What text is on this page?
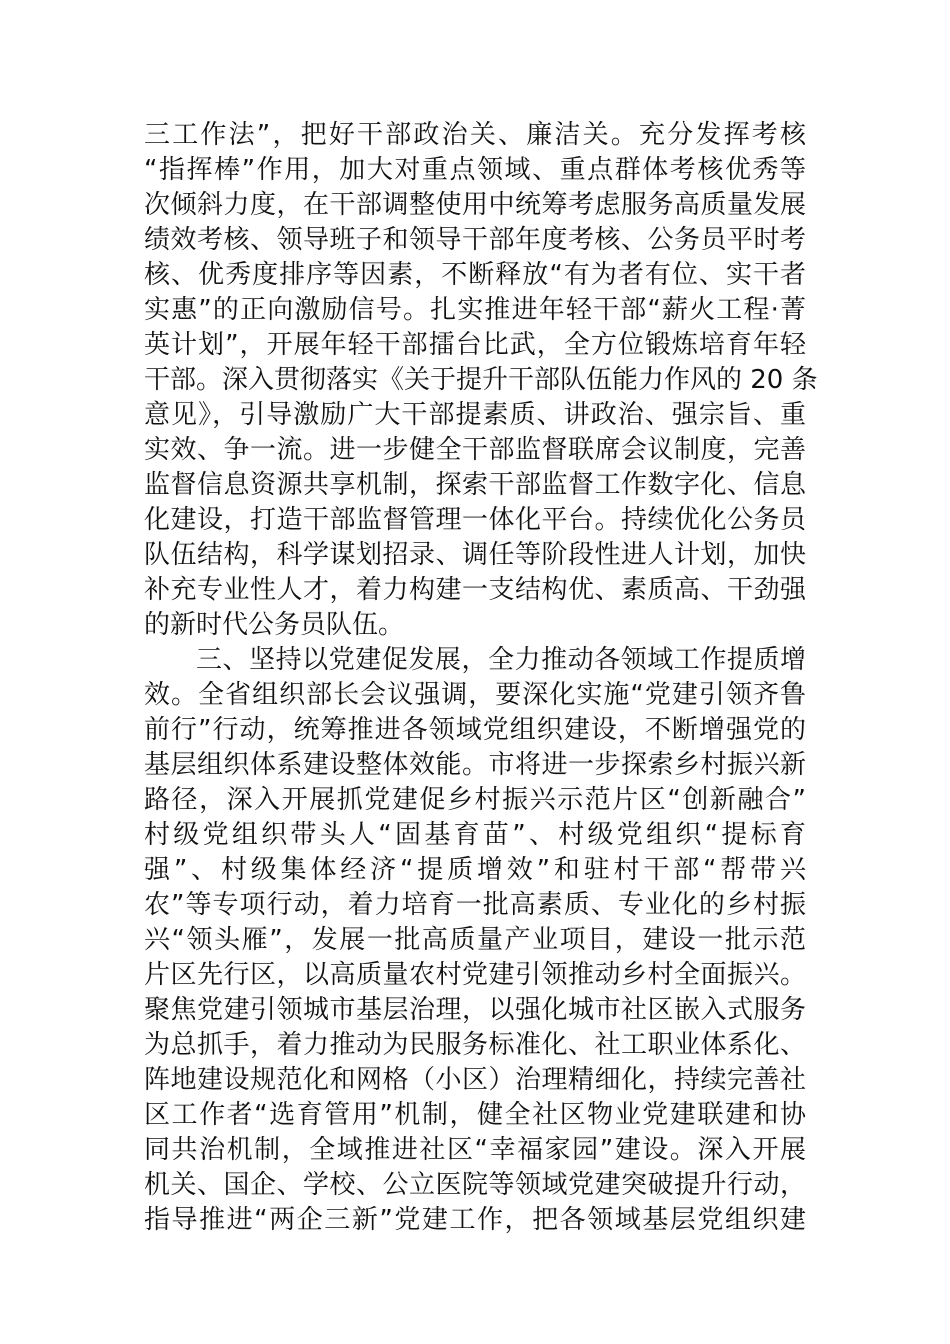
三工作法”，把好干部政治关、廉洁关。充分发挥考核
“指挥棒”作用，加大对重点领域、重点群体考核优秀等
次倾斜力度，在干部调整使用中统筹考虑服务高质量发展
绩效考核、领导班子和领导干部年度考核、公务员平时考
核、优秀度排序等因素，不断释放“有为者有位、实干者
实惠”的正向激励信号。扎实推进年轻干部“薪火工程·菁
英计划”，开展年轻干部擂台比武，全方位锻炼培育年轻
干部。深入贯彻落实《关于提升干部队伍能力作风的 20 条
意见》，引导激励广大干部提素质、讲政治、强宗旨、重
实效、争一流。进一步健全干部监督联席会议制度，完善
监督信息资源共享机制，探索干部监督工作数字化、信息
化建设，打造干部监督管理一体化平台。持续优化公务员
队伍结构，科学谋划招录、调任等阶段性进人计划，加快
补充专业性人才，着力构建一支结构优、素质高、干劲强
的新时代公务员队伍。
三、坚持以党建促发展，全力推动各领域工作提质增
效。全省组织部长会议强调，要深化实施“党建引领齐鲁
前行”行动，统筹推进各领域党组织建设，不断增强党的
基层组织体系建设整体效能。市将进一步探索乡村振兴新
路径，深入开展抓党建促乡村振兴示范片区“创新融合”
村级党组织带头人“固基育苗”、村级党组织“提标育
强”、村级集体经济“提质增效”和驻村干部“帮带兴
农”等专项行动，着力培育一批高素质、专业化的乡村振
兴“领头雁”，发展一批高质量产业项目，建设一批示范
片区先行区，以高质量农村党建引领推动乡村全面振兴。
聚焦党建引领城市基层治理，以强化城市社区嵌入式服务
为总抓手，着力推动为民服务标准化、社工职业体系化、
阵地建设规范化和网格（小区）治理精细化，持续完善社
区工作者“选育管用”机制，健全社区物业党建联建和协
同共治机制，全域推进社区“幸福家园”建设。深入开展
机关、国企、学校、公立医院等领域党建突破提升行动，
指导推进“两企三新”党建工作，把各领域基层党组织建
